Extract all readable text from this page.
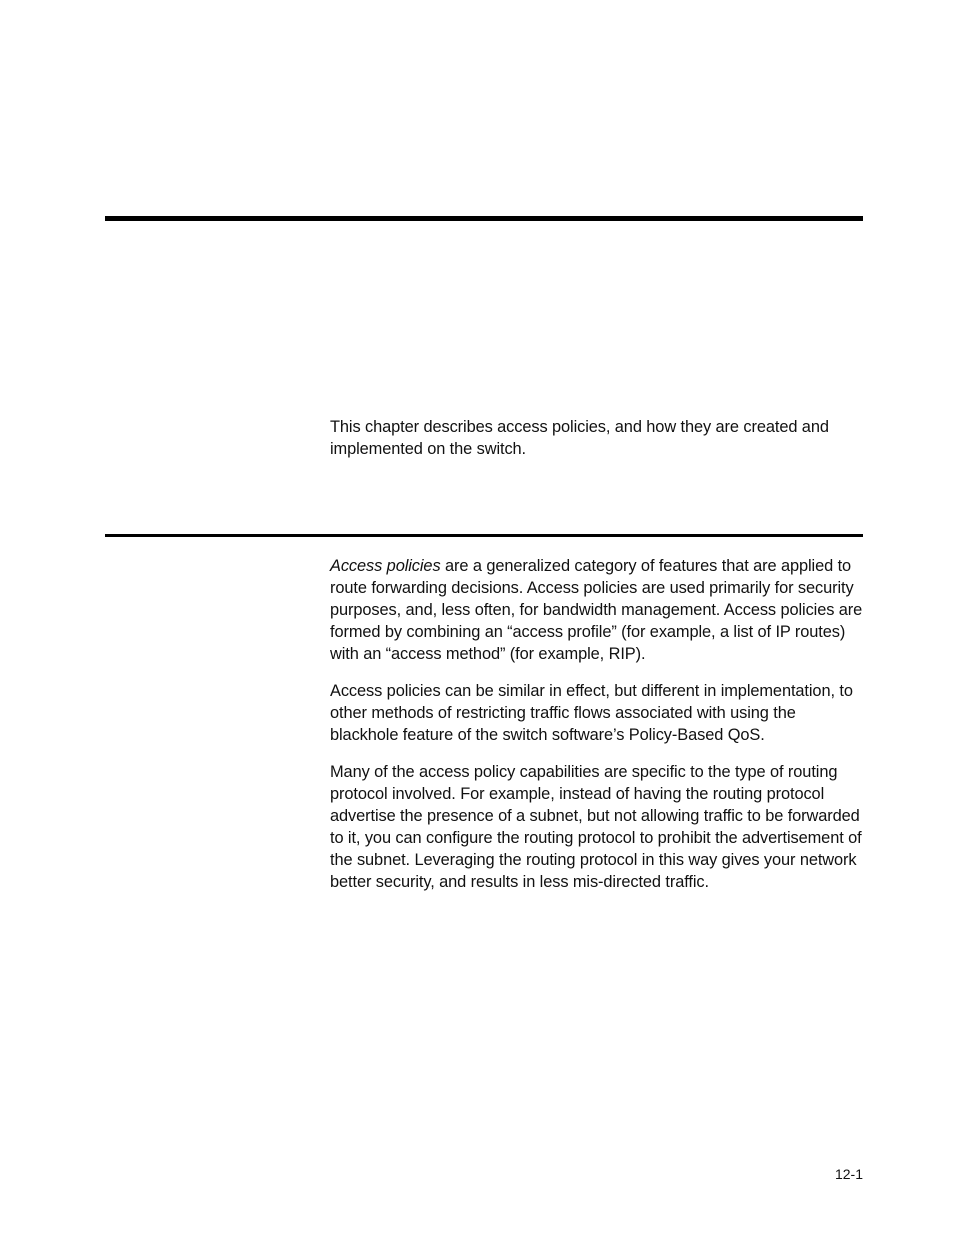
This chapter describes access policies, and how they are created and implemented on the switch.

Access policies are a generalized category of features that are applied to route forwarding decisions. Access policies are used primarily for security purposes, and, less often, for bandwidth management. Access policies are formed by combining an “access profile” (for example, a list of IP routes) with an “access method” (for example, RIP).

Access policies can be similar in effect, but different in implementation, to other methods of restricting traffic flows associated with using the blackhole feature of the switch software’s Policy-Based QoS.

Many of the access policy capabilities are specific to the type of routing protocol involved. For example, instead of having the routing protocol advertise the presence of a subnet, but not allowing traffic to be forwarded to it, you can configure the routing protocol to prohibit the advertisement of the subnet. Leveraging the routing protocol in this way gives your network better security, and results in less mis-directed traffic.

12-1
